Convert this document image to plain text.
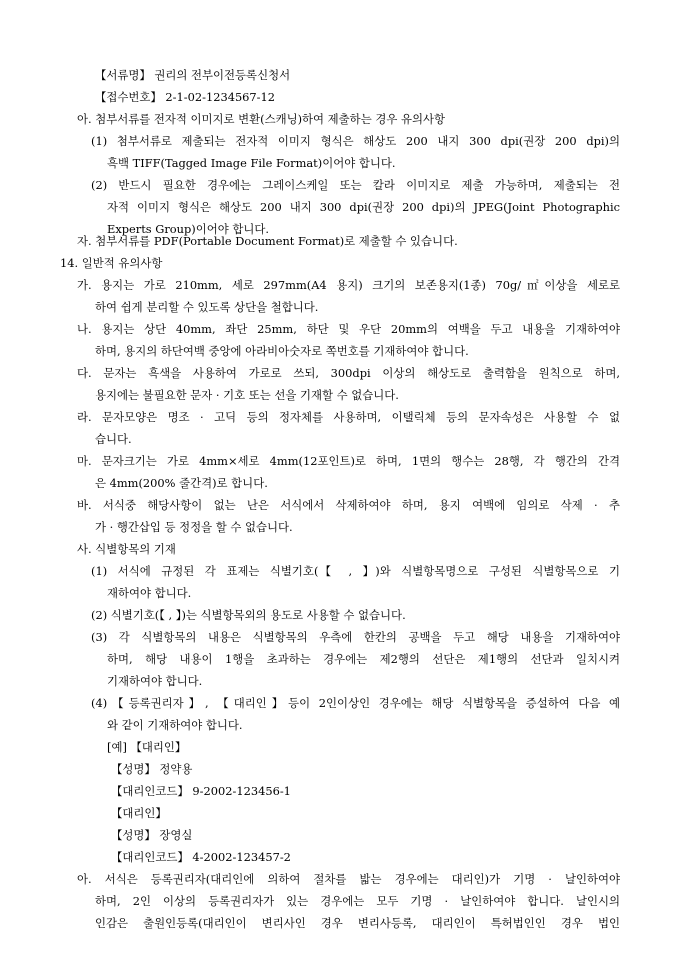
【서류명】 권리의 전부이전등록신청서
【접수번호】 2-1-02-1234567-12
아. 첨부서류를 전자적 이미지로 변환(스캐닝)하여 제출하는 경우 유의사항
(1) 첨부서류로 제출되는 전자적 이미지 형식은 해상도 200 내지 300 dpi(권장 200 dpi)의
흑백 TIFF(Tagged Image File Format)이어야 합니다.
(2) 반드시 필요한 경우에는 그레이스케일 또는 칼라 이미지로 제출 가능하며, 제출되는 전
자적 이미지 형식은 해상도 200 내지 300 dpi(권장 200 dpi)의 JPEG(Joint Photographic
Experts Group)이어야 합니다.
자. 첨부서류를 PDF(Portable Document Format)로 제출할 수 있습니다.
14. 일반적 유의사항
가. 용지는 가로 210mm, 세로 297mm(A4 용지) 크기의 보존용지(1종) 70g/㎡이상을 세로로
하여 쉽게 분리할 수 있도록 상단을 철합니다.
나. 용지는 상단 40mm, 좌단 25mm, 하단 및 우단 20mm의 여백을 두고 내용을 기재하여야
하며, 용지의 하단여백 중앙에 아라비아숫자로 쪽번호를 기재하여야 합니다.
다. 문자는 흑색을 사용하여 가로로 쓰되, 300dpi 이상의 해상도로 출력함을 원칙으로 하며,
용지에는 불필요한 문자 · 기호 또는 선을 기재할 수 없습니다.
라. 문자모양은 명조 · 고딕 등의 정자체를 사용하며, 이탤릭체 등의 문자속성은 사용할 수 없
습니다.
마. 문자크기는 가로 4mm×세로 4mm(12포인트)로 하며, 1면의 행수는 28행, 각 행간의 간격
은 4mm(200% 줄간격)로 합니다.
바. 서식중 해당사항이 없는 난은 서식에서 삭제하여야 하며, 용지 여백에 임의로 삭제 · 추
가 · 행간삽입 등 정정을 할 수 없습니다.
사. 식별항목의 기재
(1) 서식에 규정된 각 표제는 식별기호(【 , 】)와 식별항목명으로 구성된 식별항목으로 기
재하여야 합니다.
(2) 식별기호(【 , 】)는 식별항목외의 용도로 사용할 수 없습니다.
(3) 각 식별항목의 내용은 식별항목의 우측에 한칸의 공백을 두고 해당 내용을 기재하여야
하며, 해당 내용이 1행을 초과하는 경우에는 제2행의 선단은 제1행의 선단과 일치시켜
기재하여야 합니다.
(4)【등록권리자】, 【대리인】등이 2인이상인 경우에는 해당 식별항목을 증설하여 다음 예
와 같이 기재하여야 합니다.
[예] 【대리인】
【성명】 정약용
【대리인코드】 9-2002-123456-1
【대리인】
【성명】 장영실
【대리인코드】 4-2002-123457-2
아. 서식은 등록권리자(대리인에 의하여 절차를 밟는 경우에는 대리인)가 기명 · 날인하여야
하며, 2인 이상의 등록권리자가 있는 경우에는 모두 기명 · 날인하여야 합니다. 날인시의
인감은 출원인등록(대리인이 변리사인 경우 변리사등록, 대리인이 특허법인인 경우 법인
